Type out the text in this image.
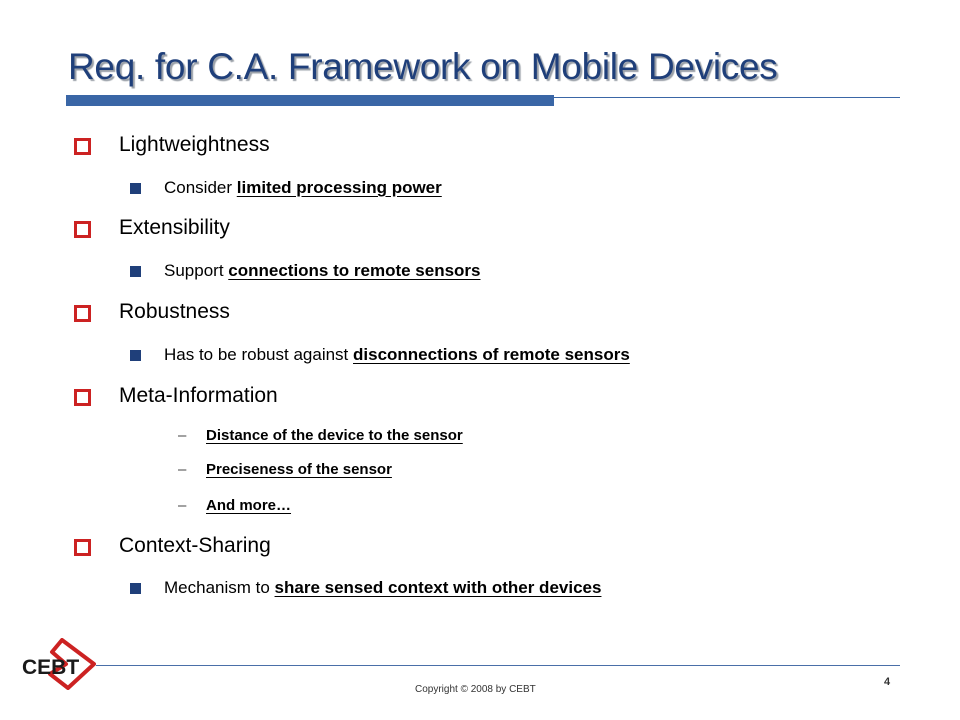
Req. for C.A. Framework on Mobile Devices
Lightweightness
Consider limited processing power
Extensibility
Support connections to remote sensors
Robustness
Has to be robust against disconnections of remote sensors
Meta-Information
– Distance of the device to the sensor
– Preciseness of the sensor
– And more…
Context-Sharing
Mechanism to share sensed context with other devices
CEBT
Copyright © 2008 by CEBT
4
